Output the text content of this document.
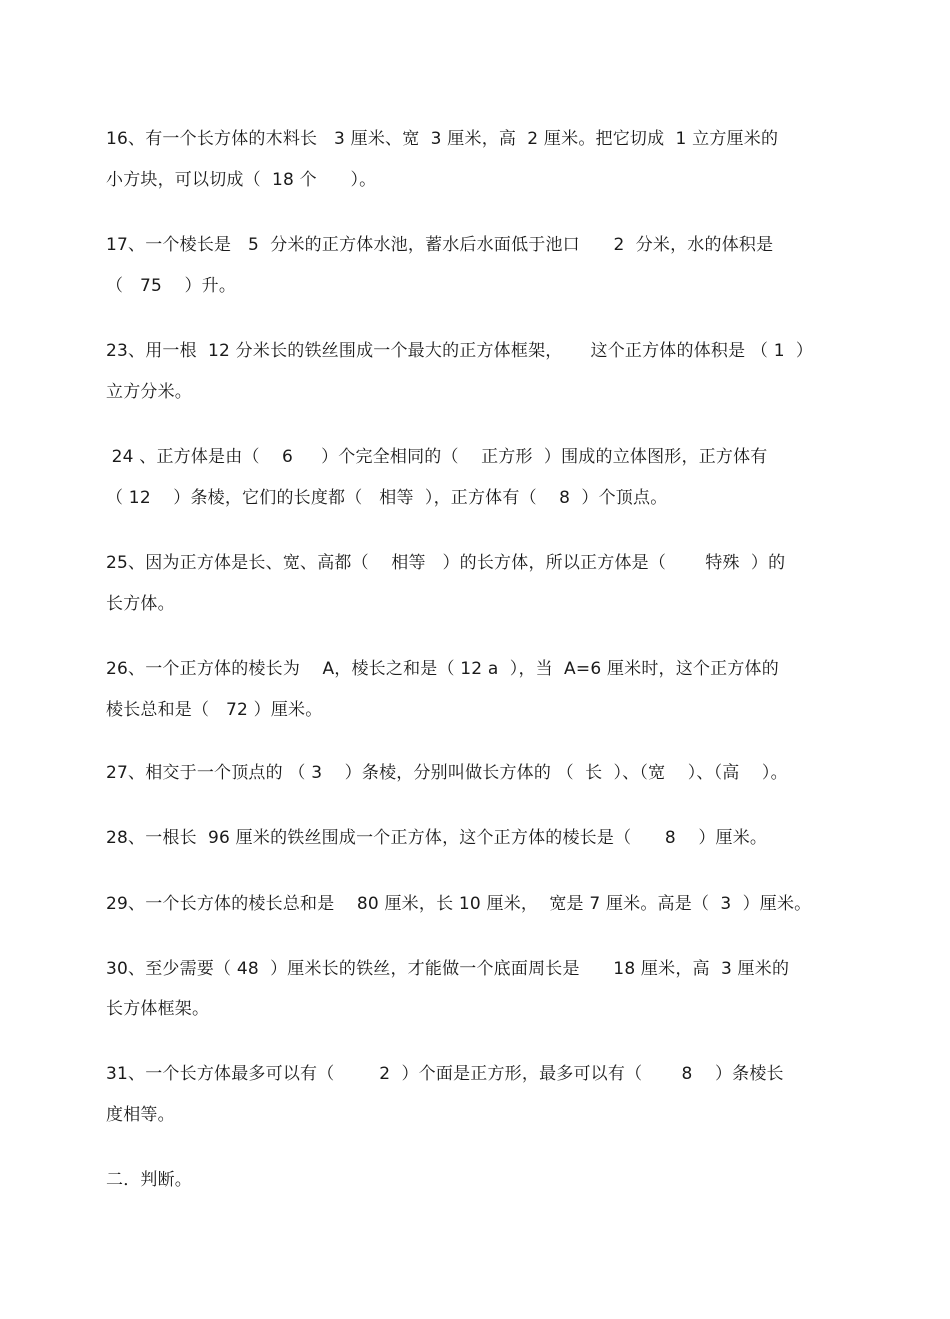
16、有一个长方体的木料长   3 厘米、宽  3 厘米，高  2 厘米。把它切成  1 立方厘米的
小方块，可以切成（  18 个      ）。
17、一个棱长是   5  分米的正方体水池，蓄水后水面低于池口      2  分米，水的体积是
（   75    ）升。
23、用一根  12 分米长的铁丝围成一个最大的正方体框架，     这个正方体的体积是 （ 1  ）
立方分米。
24 、正方体是由（    6     ）个完全相同的（    正方形  ）围成的立体图形，正方体有
（ 12    ）条棱，它们的长度都（   相等  ），正方体有（    8  ）个顶点。
25、因为正方体是长、宽、高都（    相等   ）的长方体，所以正方体是（       特殊  ）的
长方体。
26、一个正方体的棱长为    A，棱长之和是（ 12 a  ），当  A=6 厘米时，这个正方体的
棱长总和是（   72 ）厘米。
27、相交于一个顶点的 （ 3    ）条棱，分别叫做长方体的 （  长  ）、（宽    ）、（高    ）。
28、一根长  96 厘米的铁丝围成一个正方体，这个正方体的棱长是（      8    ）厘米。
29、一个长方体的棱长总和是    80 厘米，长 10 厘米，  宽是 7 厘米。高是（  3  ）厘米。
30、至少需要（ 48  ）厘米长的铁丝，才能做一个底面周长是      18 厘米，高  3 厘米的
长方体框架。
31、一个长方体最多可以有（        2  ）个面是正方形，最多可以有（       8    ）条棱长
度相等。
二．判断。
